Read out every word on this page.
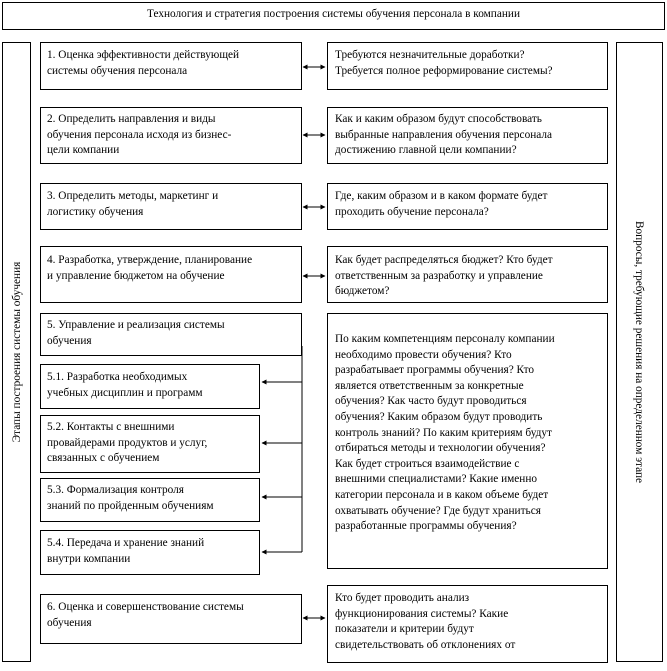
Технология и стратегия построения системы обучения персонала в компании
Этапы построения системы обучения	Вопросы, требующие решения на определенном этапе
1. Оценка эффективности действующей
системы обучения персонала
2. Определить направления и виды
обучения персонала исходя из бизнес-
цели компании
3. Определить методы, маркетинг и
логистику обучения
4. Разработка, утверждение, планирование
и управление бюджетом на обучение
5. Управление и реализация системы
обучения
6. Оценка и совершенствование системы
обучения
5.1. Разработка необходимых
учебных дисциплин и программ
5.2. Контакты с внешними
провайдерами продуктов и услуг,
связанных с обучением
5.3. Формализация контроля
знаний по пройденным обучениям
5.4. Передача и хранение знаний
внутри компании
Требуются незначительные доработки?
Требуется полное реформирование системы?
Как и каким образом будут способствовать
выбранные направления обучения персонала
достижению главной цели компании?
Где, каким образом и в каком формате будет
проходить обучение персонала?
Как будет распределяться бюджет? Кто будет
ответственным за разработку и управление
бюджетом?
По каким компетенциям персоналу компании
необходимо провести обучения? Кто
разрабатывает программы обучения? Кто
является ответственным за конкретные
обучения? Как часто будут проводиться
обучения? Каким образом будут проводить
контроль знаний? По каким критериям будут
отбираться методы и технологии обучения?
Как будет строиться взаимодействие с
внешними специалистами? Какие именно
категории персонала и в каком объеме будет
охватывать обучение? Где будут храниться
разработанные программы обучения?
Кто будет проводить анализ
функционирования системы? Какие
показатели и критерии будут
свидетельствовать об отклонениях от
